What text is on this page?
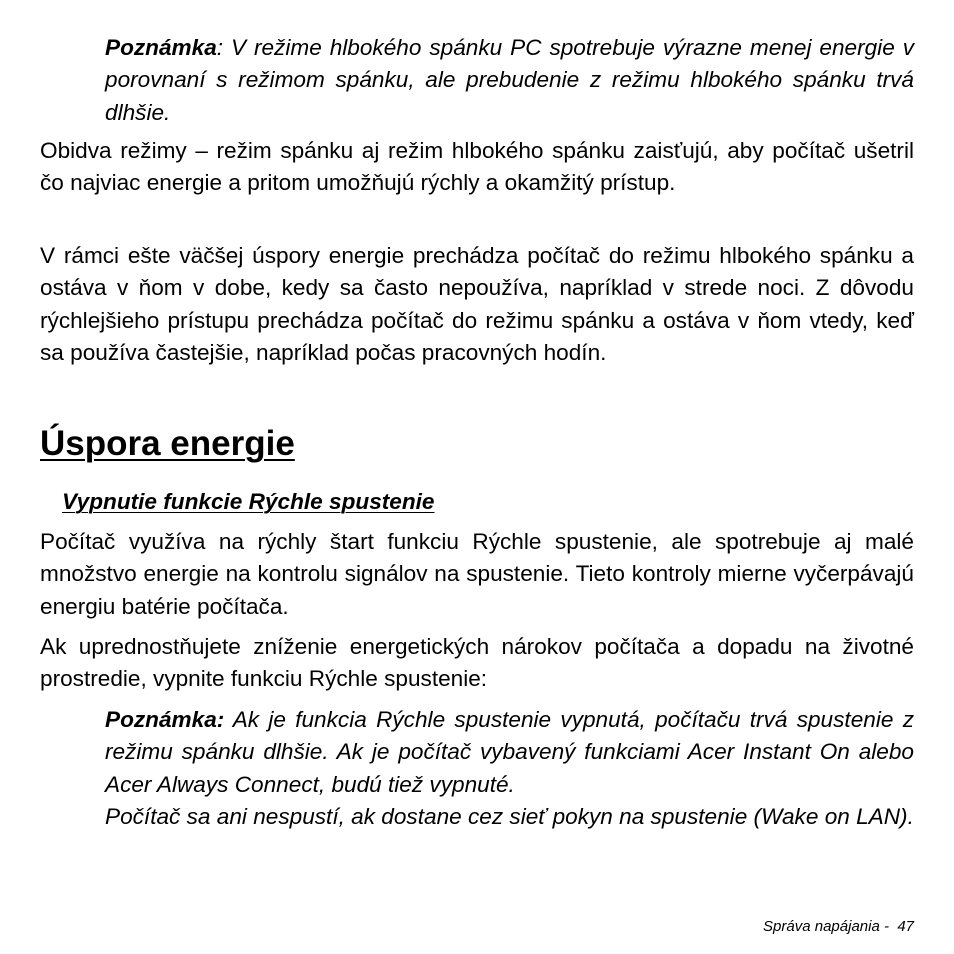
Poznámka: V režime hlbokého spánku PC spotrebuje výrazne menej energie v porovnaní s režimom spánku, ale prebudenie z režimu hlbokého spánku trvá dlhšie.

Obidva režimy – režim spánku aj režim hlbokého spánku zaisťujú, aby počítač ušetril čo najviac energie a pritom umožňujú rýchly a okamžitý prístup.

V rámci ešte väčšej úspory energie prechádza počítač do režimu hlbokého spánku a ostáva v ňom v dobe, kedy sa často nepoužíva, napríklad v strede noci. Z dôvodu rýchlejšieho prístupu prechádza počítač do režimu spánku a ostáva v ňom vtedy, keď sa používa častejšie, napríklad počas pracovných hodín.

Úspora energie
Vypnutie funkcie Rýchle spustenie

Počítač využíva na rýchly štart funkciu Rýchle spustenie, ale spotrebuje aj malé množstvo energie na kontrolu signálov na spustenie. Tieto kontroly mierne vyčerpávajú energiu batérie počítača.

Ak uprednostňujete zníženie energetických nárokov počítača a dopadu na životné prostredie, vypnite funkciu Rýchle spustenie:

Poznámka: Ak je funkcia Rýchle spustenie vypnutá, počítaču trvá spustenie z režimu spánku dlhšie. Ak je počítač vybavený funkciami Acer Instant On alebo Acer Always Connect, budú tiež vypnuté.

Počítač sa ani nespustí, ak dostane cez sieť pokyn na spustenie (Wake on LAN).

Správa napájania - 47
